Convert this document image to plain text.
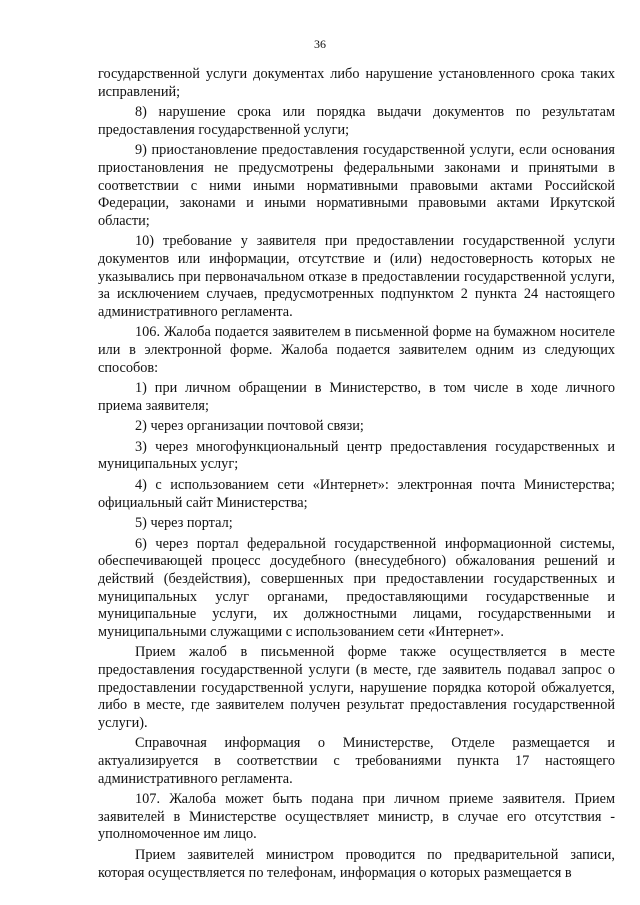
36

государственной услуги документах либо нарушение установленного срока таких исправлений;

8) нарушение срока или порядка выдачи документов по результатам предоставления государственной услуги;

9) приостановление предоставления государственной услуги, если основания приостановления не предусмотрены федеральными законами и принятыми в соответствии с ними иными нормативными правовыми актами Российской Федерации, законами и иными нормативными правовыми актами Иркутской области;

10) требование у заявителя при предоставлении государственной услуги документов или информации, отсутствие и (или) недостоверность которых не указывались при первоначальном отказе в предоставлении государственной услуги, за исключением случаев, предусмотренных подпунктом 2 пункта 24 настоящего административного регламента.

106. Жалоба подается заявителем в письменной форме на бумажном носителе или в электронной форме. Жалоба подается заявителем одним из следующих способов:

1) при личном обращении в Министерство, в том числе в ходе личного приема заявителя;

2) через организации почтовой связи;

3) через многофункциональный центр предоставления государственных и муниципальных услуг;

4) с использованием сети «Интернет»: электронная почта Министерства; официальный сайт Министерства;

5) через портал;

6) через портал федеральной государственной информационной системы, обеспечивающей процесс досудебного (внесудебного) обжалования решений и действий (бездействия), совершенных при предоставлении государственных и муниципальных услуг органами, предоставляющими государственные и муниципальные услуги, их должностными лицами, государственными и муниципальными служащими с использованием сети «Интернет».

Прием жалоб в письменной форме также осуществляется в месте предоставления государственной услуги (в месте, где заявитель подавал запрос о предоставлении государственной услуги, нарушение порядка которой обжалуется, либо в месте, где заявителем получен результат предоставления государственной услуги).

Справочная информация о Министерстве, Отделе размещается и актуализируется в соответствии с требованиями пункта 17 настоящего административного регламента.

107. Жалоба может быть подана при личном приеме заявителя. Прием заявителей в Министерстве осуществляет министр, в случае его отсутствия - уполномоченное им лицо.

Прием заявителей министром проводится по предварительной записи, которая осуществляется по телефонам, информация о которых размещается в
